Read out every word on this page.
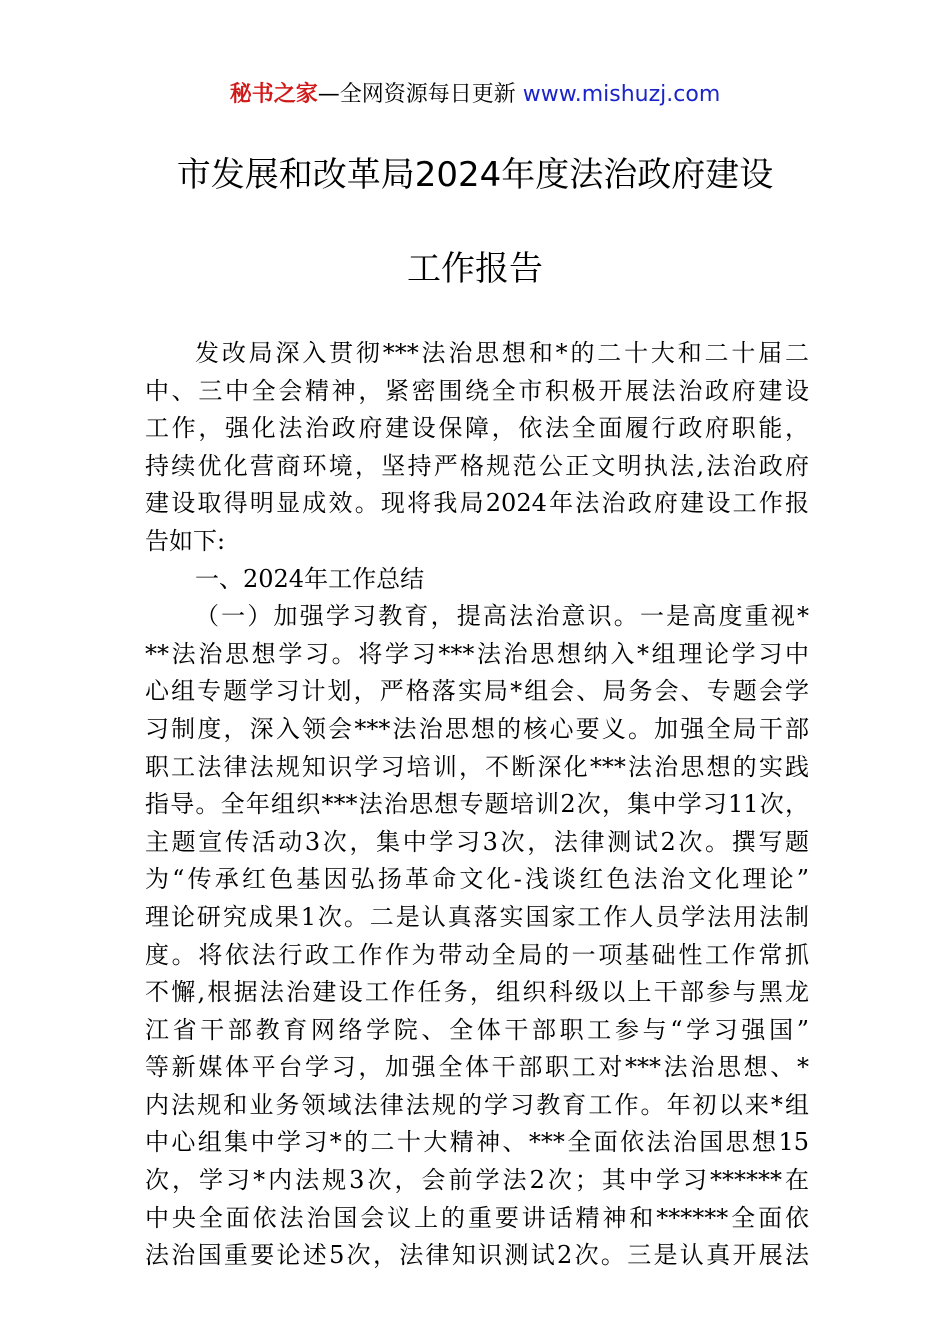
秘书之家—全网资源每日更新 www.mishuzj.com
市发展和改革局2024年度法治政府建设
工作报告
发改局深入贯彻***法治思想和*的二十大和二十届二
中、三中全会精神，紧密围绕全市积极开展法治政府建设
工作，强化法治政府建设保障，依法全面履行政府职能，
持续优化营商环境，坚持严格规范公正文明执法,法治政府
建设取得明显成效。现将我局2024年法治政府建设工作报
告如下:
一、2024年工作总结
（一）加强学习教育，提高法治意识。一是高度重视*
**法治思想学习。将学习***法治思想纳入*组理论学习中
心组专题学习计划，严格落实局*组会、局务会、专题会学
习制度，深入领会***法治思想的核心要义。加强全局干部
职工法律法规知识学习培训，不断深化***法治思想的实践
指导。全年组织***法治思想专题培训2次，集中学习11次，
主题宣传活动3次，集中学习3次，法律测试2次。撰写题
为“传承红色基因弘扬革命文化-浅谈红色法治文化理论”
理论研究成果1次。二是认真落实国家工作人员学法用法制
度。将依法行政工作作为带动全局的一项基础性工作常抓
不懈,根据法治建设工作任务，组织科级以上干部参与黑龙
江省干部教育网络学院、全体干部职工参与“学习强国”
等新媒体平台学习，加强全体干部职工对***法治思想、*
内法规和业务领域法律法规的学习教育工作。年初以来*组
中心组集中学习*的二十大精神、***全面依法治国思想15
次，学习*内法规3次，会前学法2次；其中学习******在
中央全面依法治国会议上的重要讲话精神和******全面依
法治国重要论述5次，法律知识测试2次。三是认真开展法
